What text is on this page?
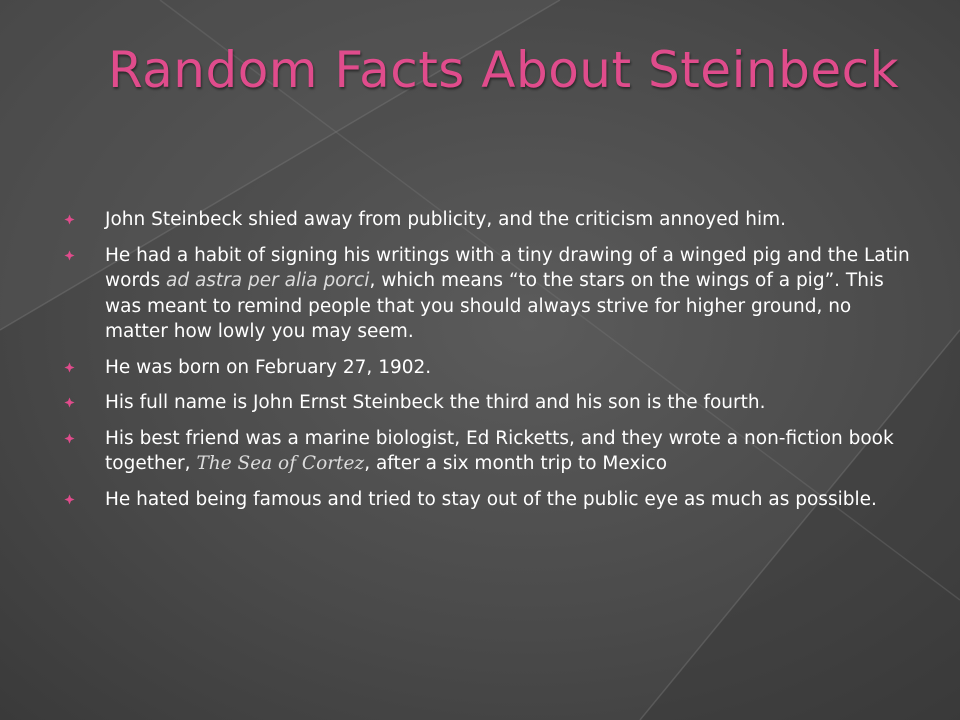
Random Facts About Steinbeck
John Steinbeck shied away from publicity, and the criticism annoyed him.
He had a habit of signing his writings with a tiny drawing of a winged pig and the Latin words ad astra per alia porci, which means “to the stars on the wings of a pig”. This was meant to remind people that you should always strive for higher ground, no matter how lowly you may seem.
He was born on February 27, 1902.
His full name is John Ernst Steinbeck the third and his son is the fourth.
His best friend was a marine biologist, Ed Ricketts, and they wrote a non-fiction book together, The Sea of Cortez, after a six month trip to Mexico
He hated being famous and tried to stay out of the public eye as much as possible.
